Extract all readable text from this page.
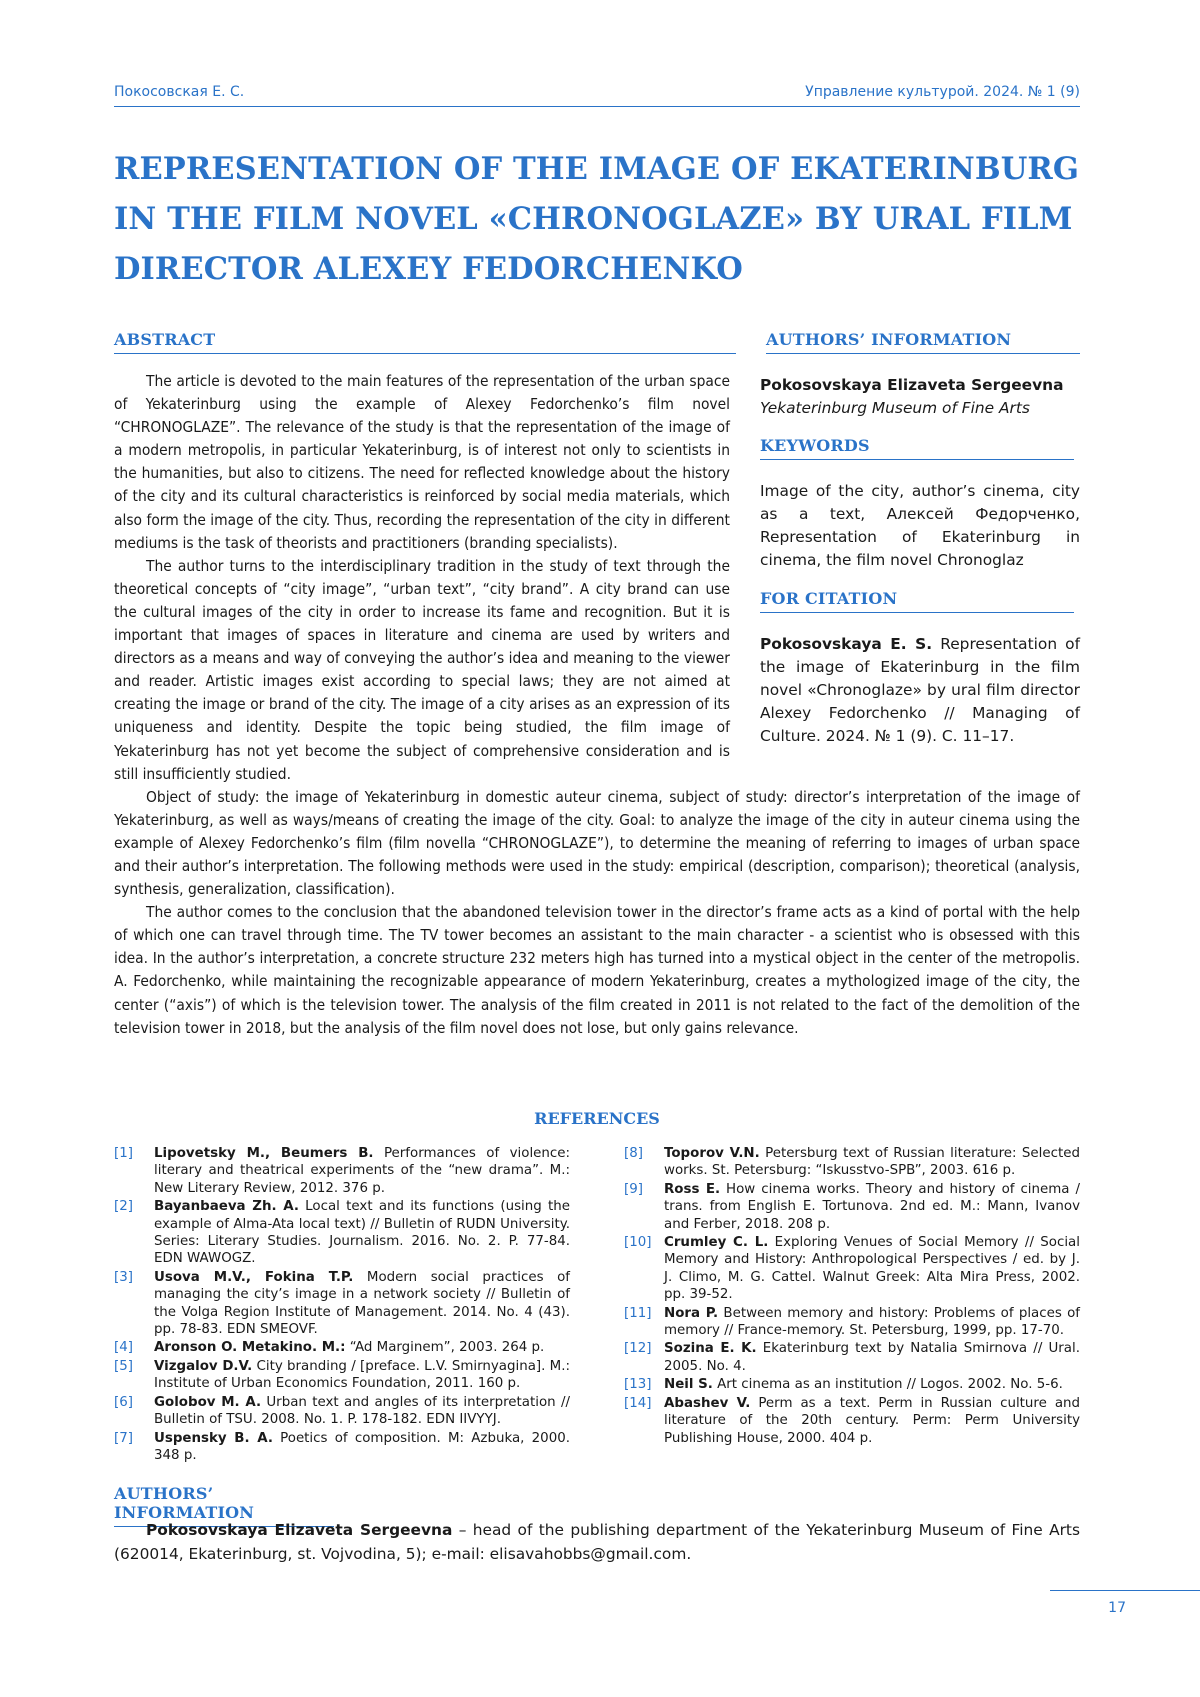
Покосовская Е. С.	Управление культурой. 2024. № 1 (9)
REPRESENTATION OF THE IMAGE OF EKATERINBURG IN THE FILM NOVEL «CHRONOGLAZE» BY URAL FILM DIRECTOR ALEXEY FEDORCHENKO
ABSTRACT	AUTHORS’ INFORMATION

Pokosovskaya Elizaveta Sergeevna

Yekaterinburg Museum of Fine Arts

KEYWORDS

Image of the city, author’s cinema, city as a text, Алексей Федорченко, Representation of Ekaterinburg in cinema, the film novel Chronoglaz

FOR CITATION

Pokosovskaya E. S. Representation of the image of Ekaterinburg in the film novel «Chronoglaze» by ural film director Alexey Fedorchenko // Managing of Culture. 2024. № 1 (9). С. 11–17.

The article is devoted to the main features of the representation of the urban space of Yekaterinburg using the example of Alexey Fedorchenko’s film novel “CHRONOGLAZE”. The relevance of the study is that the representation of the image of a modern metropolis, in particular Yekaterinburg, is of interest not only to scientists in the humanities, but also to citizens. The need for reflected knowledge about the history of the city and its cultural characteristics is reinforced by social media materials, which also form the image of the city. Thus, recording the representation of the city in different mediums is the task of theorists and practitioners (branding specialists).

The author turns to the interdisciplinary tradition in the study of text through the theoretical concepts of “city image”, “urban text”, “city brand”. A city brand can use the cultural images of the city in order to increase its fame and recognition. But it is important that images of spaces in literature and cinema are used by writers and directors as a means and way of conveying the author’s idea and meaning to the viewer and reader. Artistic images exist according to special laws; they are not aimed at creating the image or brand of the city. The image of a city arises as an expression of its uniqueness and identity. Despite the topic being studied, the film image of Yekaterinburg has not yet become the subject of comprehensive consideration and is still insufficiently studied.

Object of study: the image of Yekaterinburg in domestic auteur cinema, subject of study: director’s interpretation of the image of Yekaterinburg, as well as ways/means of creating the image of the city. Goal: to analyze the image of the city in auteur cinema using the example of Alexey Fedorchenko’s film (film novella “CHRONOGLAZE”), to determine the meaning of referring to images of urban space and their author’s interpretation. The following methods were used in the study: empirical (description, comparison); theoretical (analysis, synthesis, generalization, classification).

The author comes to the conclusion that the abandoned television tower in the director’s frame acts as a kind of portal with the help of which one can travel through time. The TV tower becomes an assistant to the main character - a scientist who is obsessed with this idea. In the author’s interpretation, a concrete structure 232 meters high has turned into a mystical object in the center of the metropolis. A. Fedorchenko, while maintaining the recognizable appearance of modern Yekaterinburg, creates a mythologized image of the city, the center (“axis”) of which is the television tower. The analysis of the film created in 2011 is not related to the fact of the demolition of the television tower in 2018, but the analysis of the film novel does not lose, but only gains relevance.

REFERENCES
[1]	Lipovetsky M., Beumers B. Performances of violence: literary and theatrical experiments of the “new drama”. M.: New Literary Review, 2012. 376 p.
[2]	Bayanbaeva Zh. A. Local text and its functions (using the example of Alma-Ata local text) // Bulletin of RUDN University. Series: Literary Studies. Journalism. 2016. No. 2. P. 77-84. EDN WAWOGZ.
[3]	Usova M.V., Fokina T.P. Modern social practices of managing the city’s image in a network society // Bulletin of the Volga Region Institute of Management. 2014. No. 4 (43). pp. 78-83. EDN SMEOVF.
[4]	Aronson O. Metakino. M.: “Ad Marginem”, 2003. 264 p.
[5]	Vizgalov D.V. City branding / [preface. L.V. Smirnyagina]. M.: Institute of Urban Economics Foundation, 2011. 160 p.
[6]	Golobov M. A. Urban text and angles of its interpretation // Bulletin of TSU. 2008. No. 1. P. 178-182. EDN IIVYYJ.
[7]	Uspensky B. A. Poetics of composition. M: Azbuka, 2000. 348 p.
[8]	Toporov V.N. Petersburg text of Russian literature: Selected works. St. Petersburg: “Iskusstvo-SPB”, 2003. 616 p.
[9]	Ross E. How cinema works. Theory and history of cinema / trans. from English E. Tortunova. 2nd ed. M.: Mann, Ivanov and Ferber, 2018. 208 p.
[10] Crumley C. L. Exploring Venues of Social Memory // Social Memory and History: Anthropological Perspectives / ed. by J. J. Climo, M. G. Cattel. Walnut Greek: Alta Mira Press, 2002. pp. 39-52.
[11] Nora P. Between memory and history: Problems of places of memory // France-memory. St. Petersburg, 1999, pp. 17-70.
[12] Sozina E. K. Ekaterinburg text by Natalia Smirnova // Ural. 2005. No. 4.
[13] Neil S. Art cinema as an institution // Logos. 2002. No. 5-6.
[14] Abashev V. Perm as a text. Perm in Russian culture and literature of the 20th century. Perm: Perm University Publishing House, 2000. 404 p.
AUTHORS’ INFORMATION

Pokosovskaya Elizaveta Sergeevna – head of the publishing department of the Yekaterinburg Museum of Fine Arts (620014, Ekaterinburg, st. Vojvodina, 5); e-mail: elisavahobbs@gmail.com.

17
